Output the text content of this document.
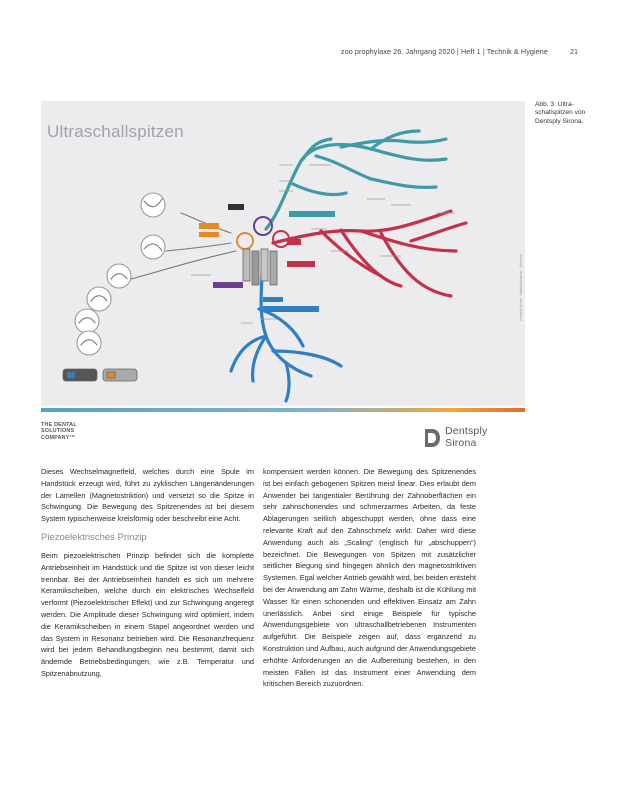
zoo prophylaxe 26. Jahrgang 2020 | Heft 1 | Technik & Hygiene	21
Ultraschallspitzen
Dentsply Sirona · Ultraschallspitzen · Übersicht
Abb. 3: Ultra-schallspitzen von Dentsply Sirona.
THE DENTAL SOLUTIONS COMPANY™
Dentsply
Sirona

Dieses Wechselmagnetfeld, welches durch eine Spule im Handstück erzeugt wird, führt zu zyklischen Längenänderungen der Lamellen (Magnetostriktion) und versetzt so die Spitze in Schwingung. Die Bewegung des Spitzenendes ist bei diesem System typischerweise kreisförmig oder beschreibt eine Acht.

Piezoelektrisches Prinzip

Beim piezoelektrischen Prinzip befindet sich die komplette Antriebseinheit im Handstück und die Spitze ist von dieser leicht trennbar. Bei der Antriebseinheit handelt es sich um mehrere Keramikscheiben, welche durch ein elektrisches Wechselfeld verformt (Piezoelektrischer Effekt) und zur Schwingung angeregt werden. Die Amplitude dieser Schwingung wird optimiert, indem die Keramikscheiben in einem Stapel angeordnet werden und das System in Resonanz betrieben wird. Die Resonanzfrequenz wird bei jedem Behandlungsbeginn neu bestimmt, damit sich ändernde Betriebsbedingungen, wie z.B. Temperatur und Spitzenabnutzung,

kompensiert werden können. Die Bewegung des Spitzenendes ist bei einfach gebogenen Spitzen meist linear. Dies erlaubt dem Anwender bei tangentialer Berührung der Zahnoberflächen ein sehr zahnschonendes und schmerzarmes Arbeiten, da feste Ablagerungen seitlich abgeschuppt werden, ohne dass eine relevante Kraft auf den Zahnschmelz wirkt. Daher wird diese Anwendung auch als „Scaling“ (englisch für „abschuppen“) bezeichnet. Die Bewegungen von Spitzen mit zusätzlicher seitlicher Biegung sind hingegen ähnlich den magnetostriktiven Systemen. Egal welcher Antrieb gewählt wird, bei beiden entsteht bei der Anwendung am Zahn Wärme, deshalb ist die Kühlung mit Wasser für einen schonenden und effektiven Einsatz am Zahn unerlässlich. Anbei sind einige Beispiele für typische Anwendungsgebiete von ultraschallbetriebenen Instrumenten aufgeführt. Die Beispiele zeigen auf, dass ergänzend zu Konstruktion und Aufbau, auch aufgrund der Anwendungsgebiete erhöhte Anforderungen an die Aufbereitung bestehen, in den meisten Fällen ist das Instrument einer Anwendung dem kritischen Bereich zuzuordnen.
